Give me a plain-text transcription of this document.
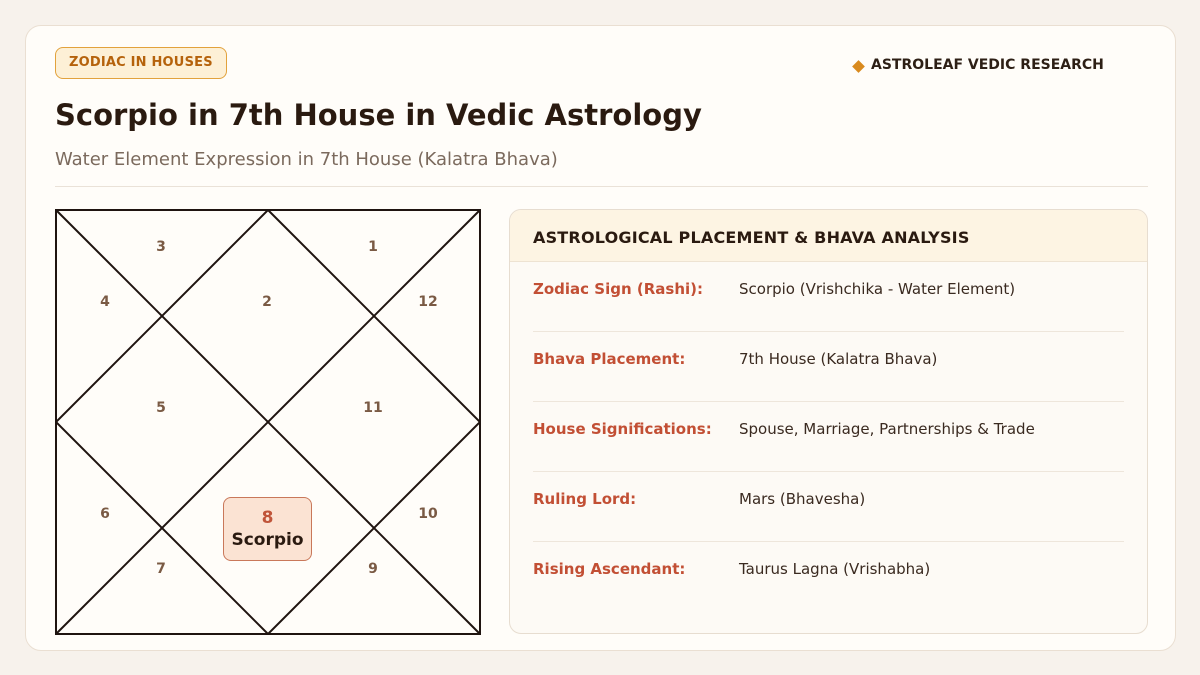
ZODIAC IN HOUSES	ASTROLEAF VEDIC RESEARCH
Scorpio in 7th House in Vedic Astrology
Water Element Expression in 7th House (Kalatra Bhava)
1
2
3
4
5
6
7	9
10
11
12
8
Scorpio
ASTROLOGICAL PLACEMENT & BHAVA ANALYSIS
Zodiac Sign (Rashi):	Scorpio (Vrishchika - Water Element)
Bhava Placement:	7th House (Kalatra Bhava)
House Significations:	Spouse, Marriage, Partnerships & Trade
Ruling Lord:	Mars (Bhavesha)
Rising Ascendant:	Taurus Lagna (Vrishabha)
